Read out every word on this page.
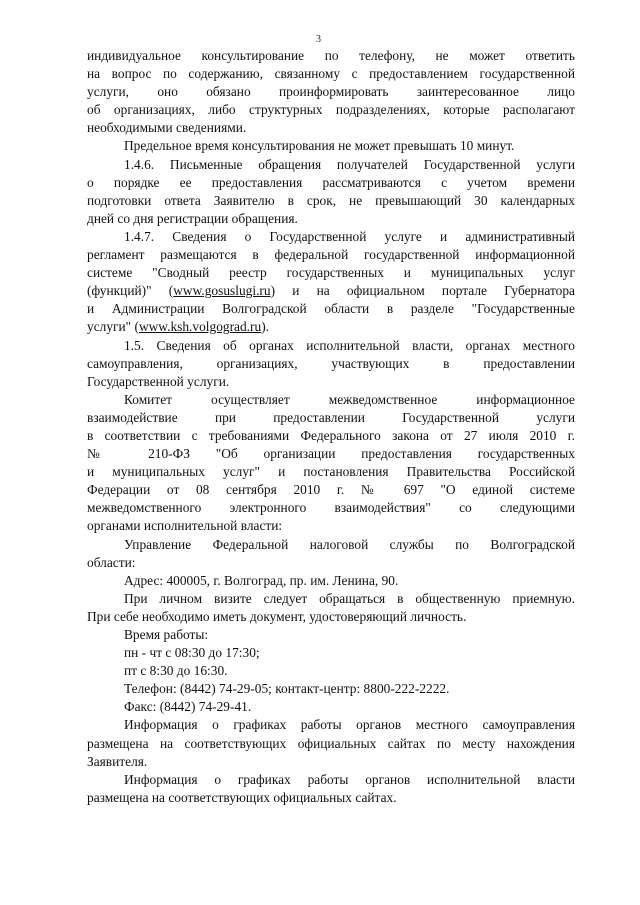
3
индивидуальное консультирование по телефону, не может ответить
на вопрос по содержанию, связанному с предоставлением государственной
услуги, оно обязано проинформировать заинтересованное лицо
об организациях, либо структурных подразделениях, которые располагают
необходимыми сведениями.
Предельное время консультирования не может превышать 10 минут.
1.4.6. Письменные обращения получателей Государственной услуги
о порядке ее предоставления рассматриваются с учетом времени
подготовки ответа Заявителю в срок, не превышающий 30 календарных
дней со дня регистрации обращения.
1.4.7. Сведения о Государственной услуге и административный
регламент размещаются в федеральной государственной информационной
системе "Сводный реестр государственных и муниципальных услуг
(функций)" (www.gosuslugi.ru) и на официальном портале Губернатора
и Администрации Волгоградской области в разделе "Государственные
услуги" (www.ksh.volgograd.ru).
1.5. Сведения об органах исполнительной власти, органах местного
самоуправления, организациях, участвующих в предоставлении
Государственной услуги.
Комитет осуществляет межведомственное информационное
взаимодействие при предоставлении Государственной услуги
в соответствии с требованиями Федерального закона от 27 июля 2010 г.
№ 210-ФЗ "Об организации предоставления государственных
и муниципальных услуг" и постановления Правительства Российской
Федерации от 08 сентября 2010 г. № 697 "О единой системе
межведомственного электронного взаимодействия" со следующими
органами исполнительной власти:
Управление Федеральной налоговой службы по Волгоградской
области:
Адрес: 400005, г. Волгоград, пр. им. Ленина, 90.
При личном визите следует обращаться в общественную приемную.
При себе необходимо иметь документ, удостоверяющий личность.
Время работы:
пн - чт с 08:30 до 17:30;
пт с 8:30 до 16:30.
Телефон: (8442) 74-29-05; контакт-центр: 8800-222-2222.
Факс: (8442) 74-29-41.
Информация о графиках работы органов местного самоуправления
размещена на соответствующих официальных сайтах по месту нахождения
Заявителя.
Информация о графиках работы органов исполнительной власти
размещена на соответствующих официальных сайтах.
